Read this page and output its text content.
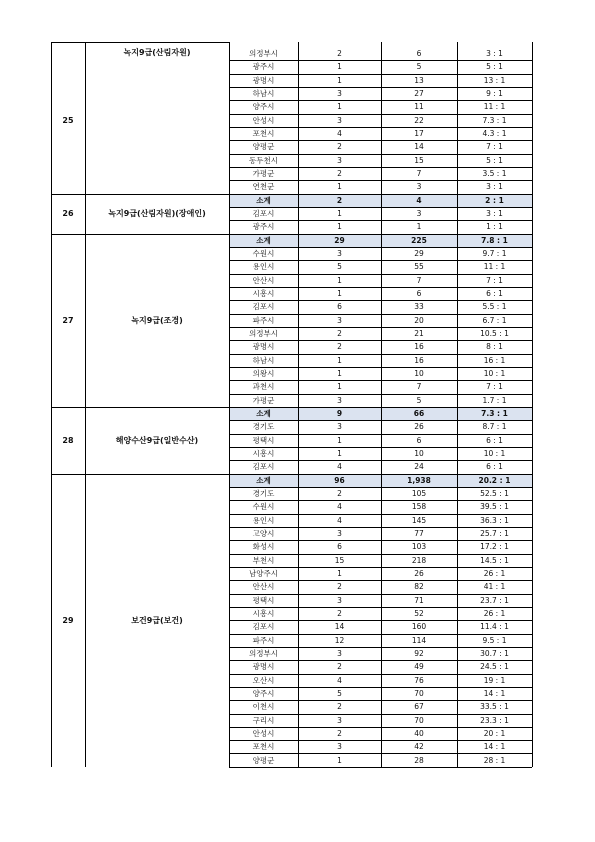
25
녹지9급(산림자원)	의정부시	2	6	3 : 1
광주시	1	5	5 : 1
광명시	1	13	13 : 1
하남시	3	27	9 : 1
양주시	1	11	11 : 1
안성시	3	22	7.3 : 1
포천시	4	17	4.3 : 1
양평군	2	14	7 : 1
동두천시	3	15	5 : 1
가평군	2	7	3.5 : 1
연천군	1	3	3 : 1
26	녹지9급(산림자원)(장애인)
소계	2	4	2 : 1
김포시	1	3	3 : 1
광주시	1	1	1 : 1
27	녹지9급(조경)
소계	29	225	7.8 : 1
수원시	3	29	9.7 : 1
용인시	5	55	11 : 1
안산시	1	7	7 : 1
시흥시	1	6	6 : 1
김포시	6	33	5.5 : 1
파주시	3	20	6.7 : 1
의정부시	2	21	10.5 : 1
광명시	2	16	8 : 1
하남시	1	16	16 : 1
의왕시	1	10	10 : 1
과천시	1	7	7 : 1
가평군	3	5	1.7 : 1
28	해양수산9급(일반수산)
소계	9	66	7.3 : 1
경기도	3	26	8.7 : 1
평택시	1	6	6 : 1
시흥시	1	10	10 : 1
김포시	4	24	6 : 1
29	보건9급(보건)
소계	96	1,938	20.2 : 1
경기도	2	105	52.5 : 1
수원시	4	158	39.5 : 1
용인시	4	145	36.3 : 1
고양시	3	77	25.7 : 1
화성시	6	103	17.2 : 1
부천시	15	218	14.5 : 1
남양주시	1	26	26 : 1
안산시	2	82	41 : 1
평택시	3	71	23.7 : 1
시흥시	2	52	26 : 1
김포시	14	160	11.4 : 1
파주시	12	114	9.5 : 1
의정부시	3	92	30.7 : 1
광명시	2	49	24.5 : 1
오산시	4	76	19 : 1
양주시	5	70	14 : 1
이천시	2	67	33.5 : 1
구리시	3	70	23.3 : 1
안성시	2	40	20 : 1
포천시	3	42	14 : 1
양평군	1	28	28 : 1
